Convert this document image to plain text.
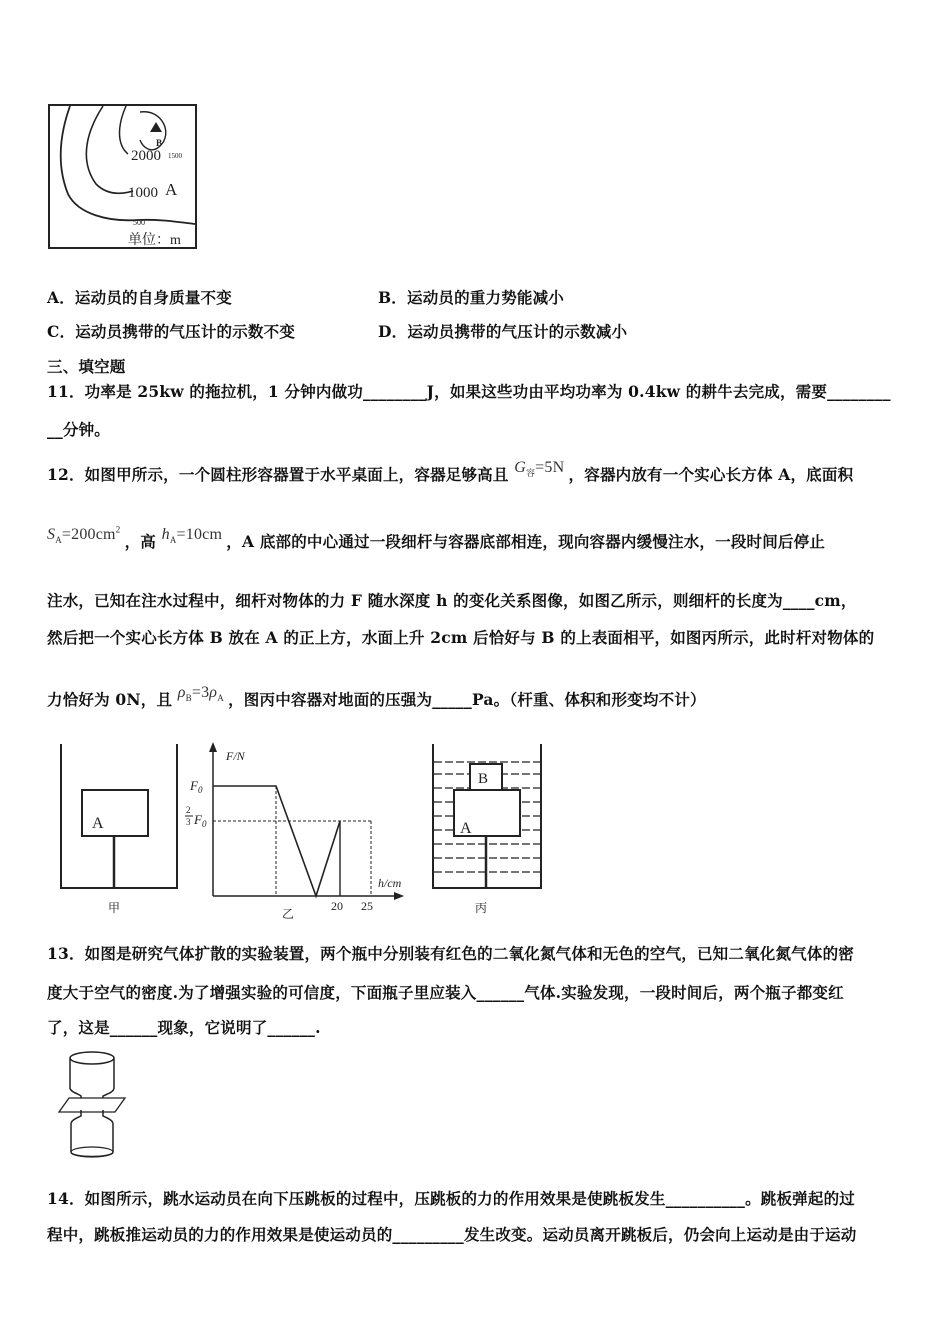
2000 1500
B
1000 A
500
单位：m
A．运动员的自身质量不变	B．运动员的重力势能减小
C．运动员携带的气压计的示数不变	D．运动员携带的气压计的示数减小
三、填空题
11．功率是 25kw 的拖拉机，1 分钟内做功________J，如果这些功由平均功率为 0.4kw 的耕牛去完成，需要________
__分钟。
12．如图甲所示，一个圆柱形容器置于水平桌面上，容器足够高且 $G_容=5N$ ，容器内放有一个实心长方体 A，底面积
$S_A=200cm^2$ ，高 $h_A=10cm$ ，A 底部的中心通过一段细杆与容器底部相连，现向容器内缓慢注水，一段时间后停止
注水，已知在注水过程中，细杆对物体的力 F 随水深度 h 的变化关系图像，如图乙所示，则细杆的长度为____cm，
然后把一个实心长方体 B 放在 A 的正上方，水面上升 2cm 后恰好与 B 的上表面相平，如图丙所示，此时杆对物体的
力恰好为 0N，且 $\rho_B=3\rho_A$ ，图丙中容器对地面的压强为_____Pa。（杆重、体积和形变均不计）
A
甲
F/N
h/cm
$F_0$
2
3 $F_0$
20 25
乙
B
A
丙
13．如图是研究气体扩散的实验装置，两个瓶中分别装有红色的二氧化氮气体和无色的空气，已知二氧化氮气体的密
度大于空气的密度.为了增强实验的可信度，下面瓶子里应装入______气体.实验发现，一段时间后，两个瓶子都变红
了，这是______现象，它说明了______.
14．如图所示，跳水运动员在向下压跳板的过程中，压跳板的力的作用效果是使跳板发生__________。跳板弹起的过
程中，跳板推运动员的力的作用效果是使运动员的_________发生改变。运动员离开跳板后，仍会向上运动是由于运动
